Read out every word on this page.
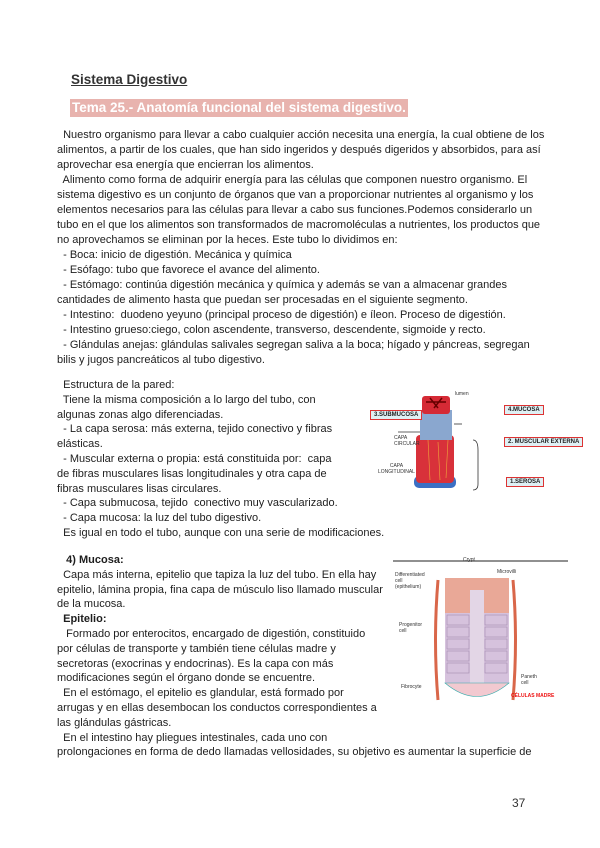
Sistema Digestivo
Tema 25.- Anatomía funcional del sistema digestivo.
Nuestro organismo para llevar a cabo cualquier acción necesita una energía, la cual obtiene de los
alimentos, a partir de los cuales, que han sido ingeridos y después digeridos y absorbidos, para así
aprovechar esa energía que encierran los alimentos.
Alimento como forma de adquirir energía para las células que componen nuestro organismo. El
sistema digestivo es un conjunto de órganos que van a proporcionar nutrientes al organismo y los
elementos necesarios para las células para llevar a cabo sus funciones.Podemos considerarlo un
tubo en el que los alimentos son transformados de macromoléculas a nutrientes, los productos que
no aprovechamos se eliminan por la heces. Este tubo lo dividimos en:
- Boca: inicio de digestión. Mecánica y química
- Esófago: tubo que favorece el avance del alimento.
- Estómago: continúa digestión mecánica y química y además se van a almacenar grandes
cantidades de alimento hasta que puedan ser procesadas en el siguiente segmento.
- Intestino:  duodeno yeyuno (principal proceso de digestión) e íleon. Proceso de digestión.
- Intestino grueso:ciego, colon ascendente, transverso, descendente, sigmoide y recto.
- Glándulas anejas: glándulas salivales segregan saliva a la boca; hígado y páncreas, segregan
bilis y jugos pancreáticos al tubo digestivo.
Estructura de la pared:
Tiene la misma composición a lo largo del tubo, con
algunas zonas algo diferenciadas.
- La capa serosa: más externa, tejido conectivo y fibras
elásticas.
- Muscular externa o propia: está constituida por:  capa
de fibras musculares lisas longitudinales y otra capa de
fibras musculares lisas circulares.
- Capa submucosa, tejido  conectivo muy vascularizado.
- Capa mucosa: la luz del tubo digestivo.
Es igual en todo el tubo, aunque con una serie de modificaciones.
4) Mucosa:
Capa más interna, epitelio que tapiza la luz del tubo. En ella hay
epitelio, lámina propia, fina capa de músculo liso llamado muscular
de la mucosa.
Epitelio:
Formado por enterocitos, encargado de digestión, constituido
por células de transporte y también tiene células madre y
secretoras (exocrinas y endocrinas). Es la capa con más
modificaciones según el órgano donde se encuentre.
En el estómago, el epitelio es glandular, está formado por
arrugas y en ellas desembocan los conductos correspondientes a
las glándulas gástricas.
En el intestino hay pliegues intestinales, cada uno con
prolongaciones en forma de dedo llamadas vellosidades, su objetivo es aumentar la superficie de
lumen
3.SUBMUCOSA
4.MUCOSA
CAPA
CIRCULAR	2. MUSCULAR EXTERNA
CAPA
LONGITUDINAL
1.SEROSA
Crypt
Microvilli
Differentiated
cell
(epithelium)
Progenitor
cell
Paneth
cell
Fibrocyte
CÉLULAS MADRE
37
